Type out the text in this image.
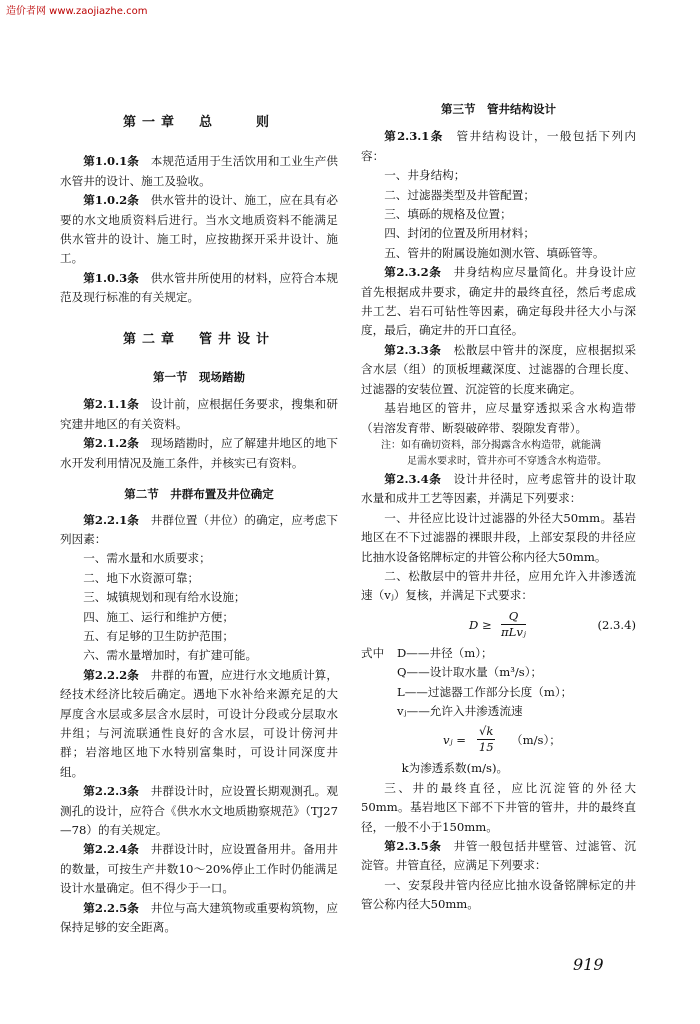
造价者网 www.zaojiazhe.com
第一章　总　　则

第1.0.1条　 本规范适用于生活饮用和工业生产供水管井的设计、施工及验收。

第1.0.2条　 供水管井的设计、施工，应在具有必要的水文地质资料后进行。当水文地质资料不能满足供水管井的设计、施工时，应按勘探开采井设计、施工。

第1.0.3条　 供水管井所使用的材料，应符合本规范及现行标准的有关规定。

第二章　管井设计
第一节　现场踏勘

第2.1.1条　 设计前，应根据任务要求，搜集和研究建井地区的有关资料。

第2.1.2条　 现场踏勘时，应了解建井地区的地下水开发利用情况及施工条件，并核实已有资料。

第二节　井群布置及井位确定

第2.2.1条　 井群位置（井位）的确定，应考虑下列因素：

一、需水量和水质要求；

二、地下水资源可靠；

三、城镇规划和现有给水设施；

四、施工、运行和维护方便；

五、有足够的卫生防护范围；

六、需水量增加时，有扩建可能。

第2.2.2条　 井群的布置，应进行水文地质计算，经技术经济比较后确定。遇地下水补给来源充足的大厚度含水层或多层含水层时，可设计分段或分层取水井组；与河流联通性良好的含水层，可设计傍河井群；岩溶地区地下水特别富集时，可设计同深度井组。

第2.2.3条　 井群设计时，应设置长期观测孔。观测孔的设计，应符合《供水水文地质勘察规范》（TJ27—78）的有关规定。

第2.2.4条　 井群设计时，应设置备用井。备用井的数量，可按生产井数10～20%停止工作时仍能满足设计水量确定。但不得少于一口。

第2.2.5条　 井位与高大建筑物或重要构筑物，应保持足够的安全距离。

第三节　管井结构设计

第2.3.1条　 管井结构设计，一般包括下列内容：

一、井身结构；

二、过滤器类型及井管配置；

三、填砾的规格及位置；

四、封闭的位置及所用材料；

五、管井的附属设施如测水管、填砾管等。

第2.3.2条　 井身结构应尽量简化。井身设计应首先根据成井要求，确定井的最终直径，然后考虑成井工艺、岩石可钻性等因素，确定每段井径大小与深度，最后，确定井的开口直径。

第2.3.3条　 松散层中管井的深度，应根据拟采含水层（组）的顶板埋藏深度、过滤器的合理长度、过滤器的安装位置、沉淀管的长度来确定。

基岩地区的管井，应尽量穿透拟采含水构造带（岩溶发育带、断裂破碎带、裂隙发育带）。

注：如有确切资料，部分揭露含水构造带，就能满
足需水要求时，管井亦可不穿透含水构造带。

第2.3.4条　 设计井径时，应考虑管井的设计取水量和成井工艺等因素，并满足下列要求：

一、井径应比设计过滤器的外径大50mm。基岩地区在不下过滤器的裸眼井段，上部安泵段的井径应比抽水设备铭牌标定的井管公称内径大50mm。

二、松散层中的管井井径，应用允许入井渗透流速（vⱼ）复核，并满足下式要求：

D ≥
Q
πLvⱼ	(2.3.4)

式中 D——井径（m）；

Q——设计取水量（m³/s）；

L——过滤器工作部分长度（m）；

vⱼ——允许入井渗透流速

vⱼ = $\frac{√k}{15} (m/s)$；

k为渗透系数(m/s)。

三、井的最终直径，应比沉淀管的外径大50mm。基岩地区下部不下井管的管井，井的最终直径，一般不小于150mm。

第2.3.5条　 井管一般包括井壁管、过滤管、沉淀管。井管直径，应满足下列要求：

一、安泵段井管内径应比抽水设备铭牌标定的井管公称内径大50mm。

919
